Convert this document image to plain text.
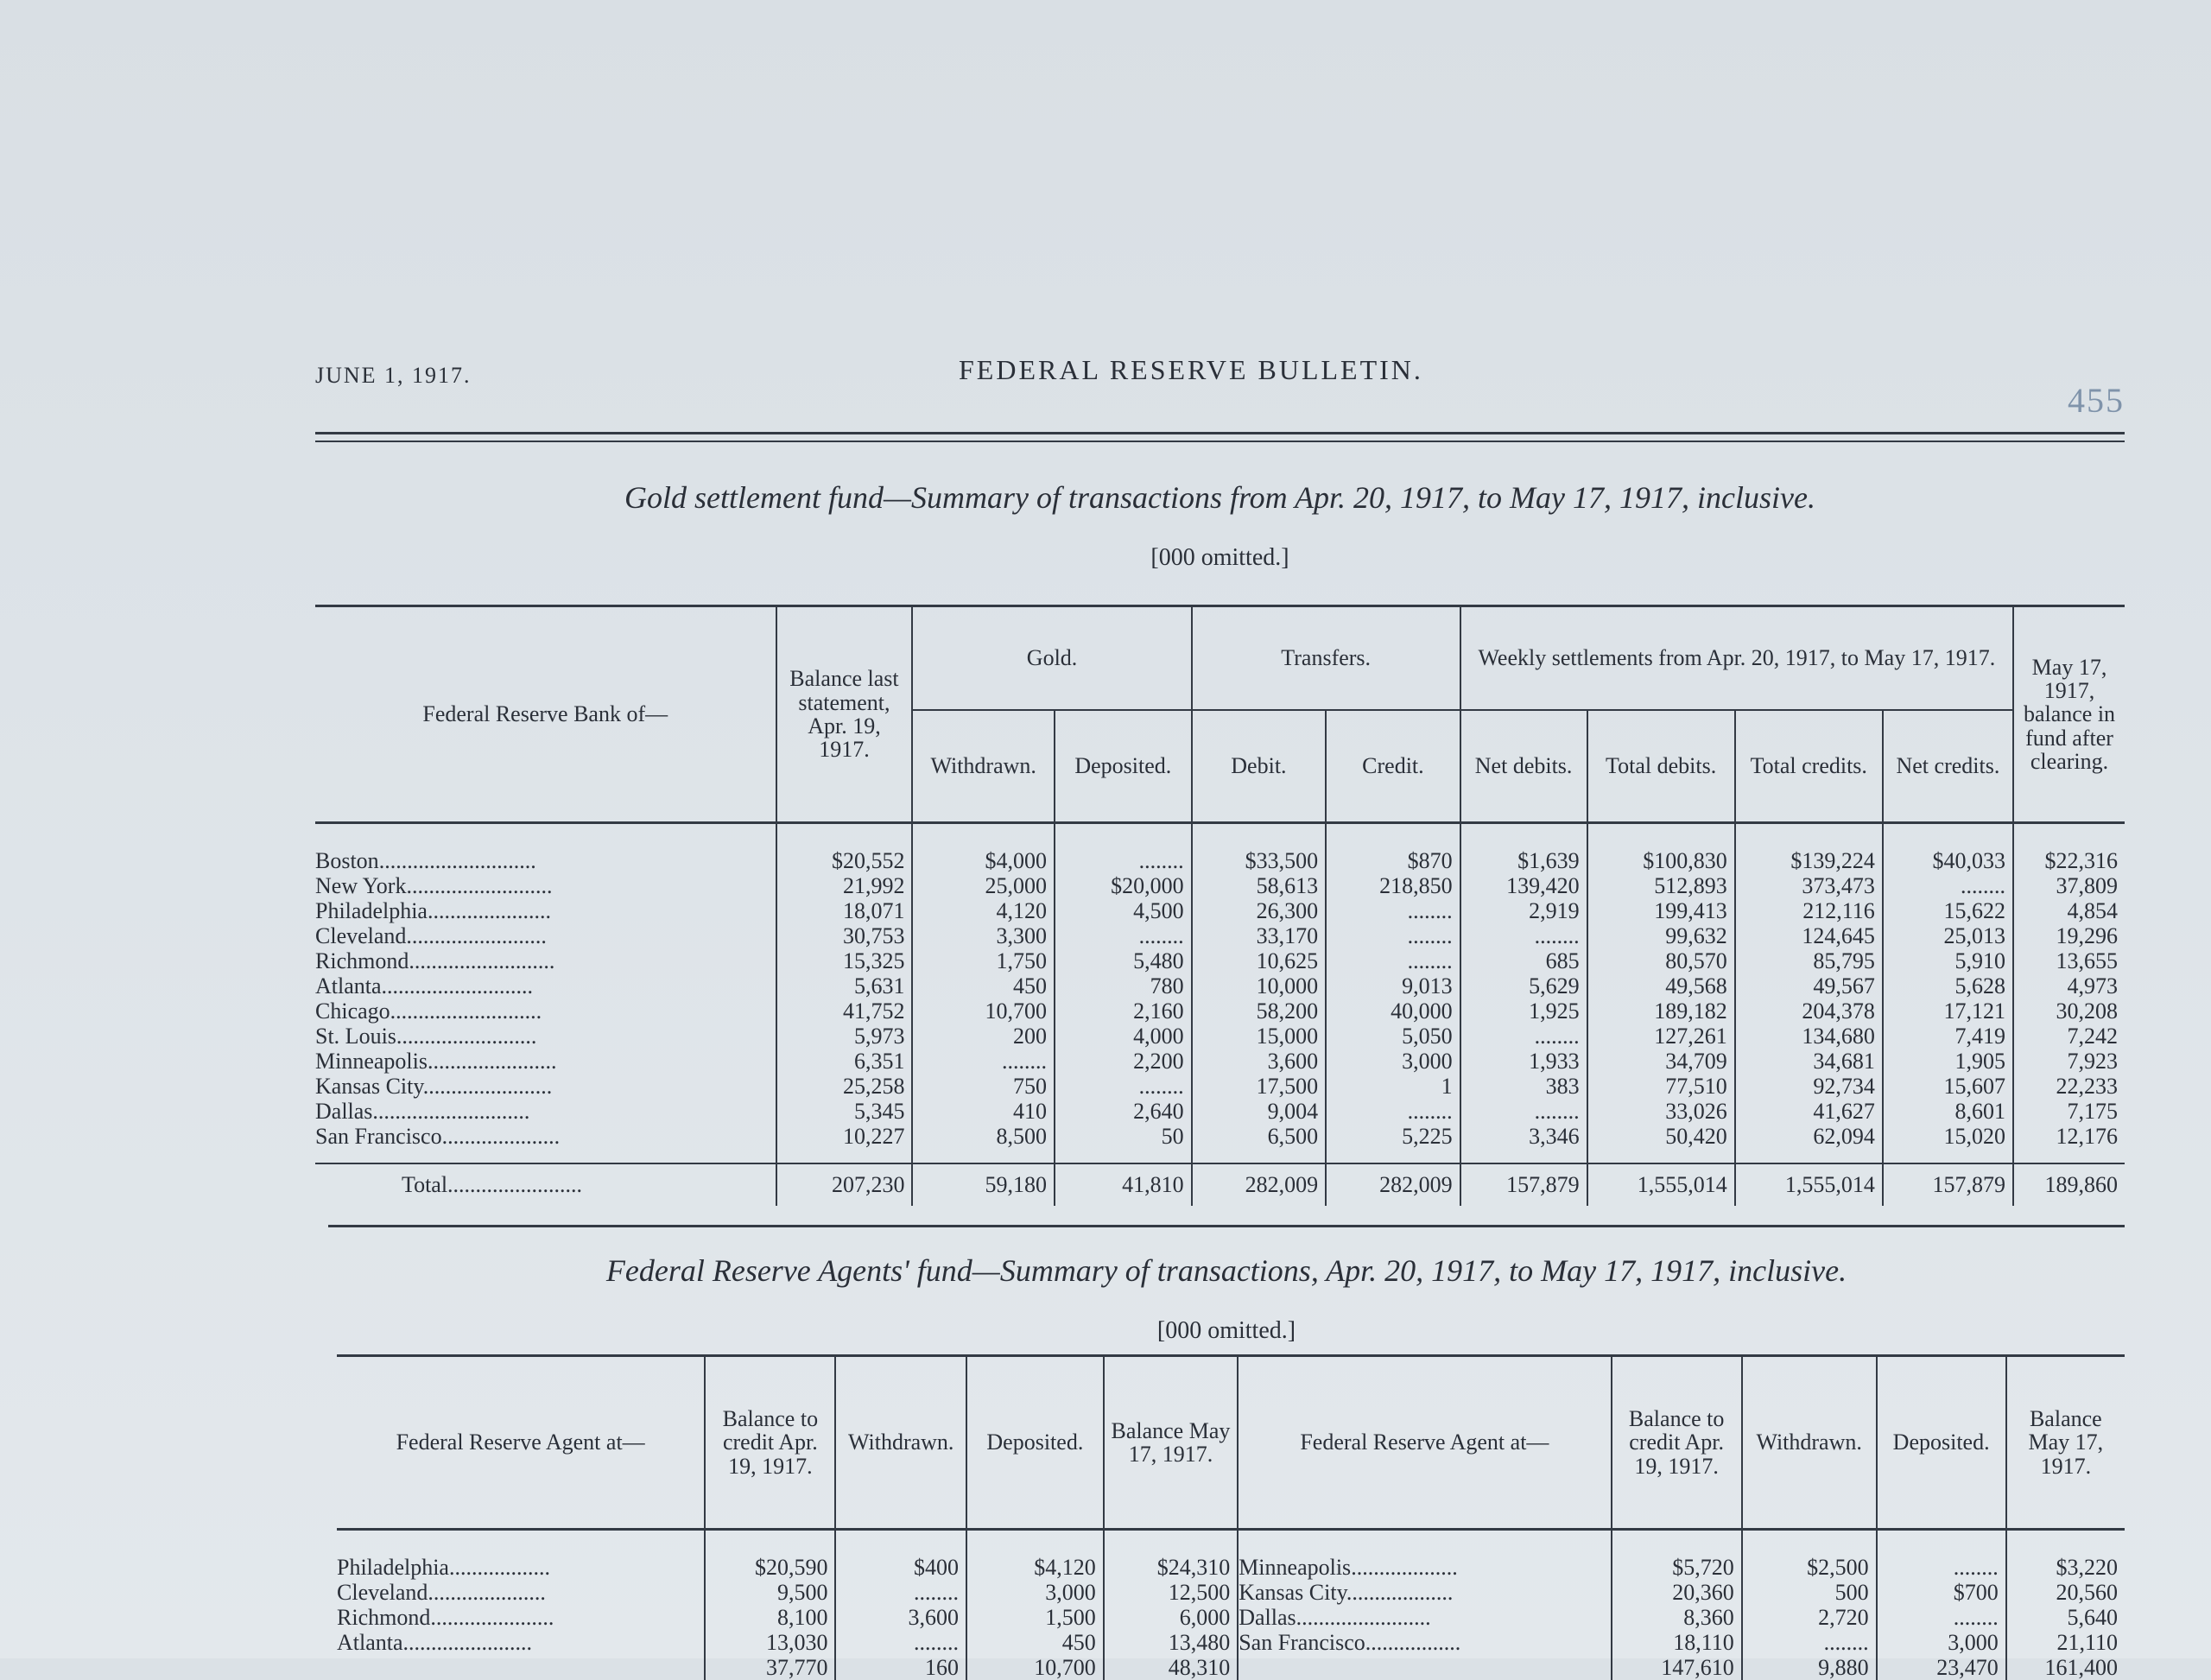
JUNE 1, 1917.	FEDERAL RESERVE BULLETIN.
455
Gold settlement fund—Summary of transactions from Apr. 20, 1917, to May 17, 1917, inclusive.
[000 omitted.]
Federal Reserve Bank of—	Balance last statement, Apr. 19, 1917.	Gold.		Transfers.		Weekly settlements from Apr. 20, 1917, to May 17, 1917.				May 17, 1917, balance in fund after clearing.
		Withdrawn.	Deposited.	Debit.	Credit.	Net debits.	Total debits.	Total credits.	Net credits.	
Boston............................	$20,552	$4,000	........	$33,500	$870	$1,639	$100,830	$139,224	$40,033	$22,316
New York..........................	21,992	25,000	$20,000	58,613	218,850	139,420	512,893	373,473	........	37,809
Philadelphia......................	18,071	4,120	4,500	26,300	........	2,919	199,413	212,116	15,622	4,854
Cleveland.........................	30,753	3,300	........	33,170	........	........	99,632	124,645	25,013	19,296
Richmond..........................	15,325	1,750	5,480	10,625	........	685	80,570	85,795	5,910	13,655
Atlanta...........................	5,631	450	780	10,000	9,013	5,629	49,568	49,567	5,628	4,973
Chicago...........................	41,752	10,700	2,160	58,200	40,000	1,925	189,182	204,378	17,121	30,208
St. Louis.........................	5,973	200	4,000	15,000	5,050	........	127,261	134,680	7,419	7,242
Minneapolis.......................	6,351	........	2,200	3,600	3,000	1,933	34,709	34,681	1,905	7,923
Kansas City.......................	25,258	750	........	17,500	1	383	77,510	92,734	15,607	22,233
Dallas............................	5,345	410	2,640	9,004	........	........	33,026	41,627	8,601	7,175
San Francisco.....................	10,227	8,500	50	6,500	5,225	3,346	50,420	62,094	15,020	12,176

Total........................	207,230	59,180	41,810	282,009	282,009	157,879	1,555,014	1,555,014	157,879	189,860
Federal Reserve Agents' fund—Summary of transactions, Apr. 20, 1917, to May 17, 1917, inclusive.
[000 omitted.]
Federal Reserve Agent at—	Balance to credit Apr. 19, 1917.	Withdrawn.	Deposited.	Balance May 17, 1917.	Federal Reserve Agent at—	Balance to credit Apr. 19, 1917.	Withdrawn.	Deposited.	Balance May 17, 1917.
Philadelphia..................	$20,590	$400	$4,120	$24,310	Minneapolis...................	$5,720	$2,500	........	$3,220
Cleveland.....................	9,500	........	3,000	12,500	Kansas City...................	20,360	500	$700	20,560
Richmond......................	8,100	3,600	1,500	6,000	Dallas........................	8,360	2,720	........	5,640
Atlanta.......................	13,030	........	450	13,480	San Francisco.................	18,110	........	3,000	21,110
	37,770	160	10,700	48,310		147,610	9,880	23,470	161,400
